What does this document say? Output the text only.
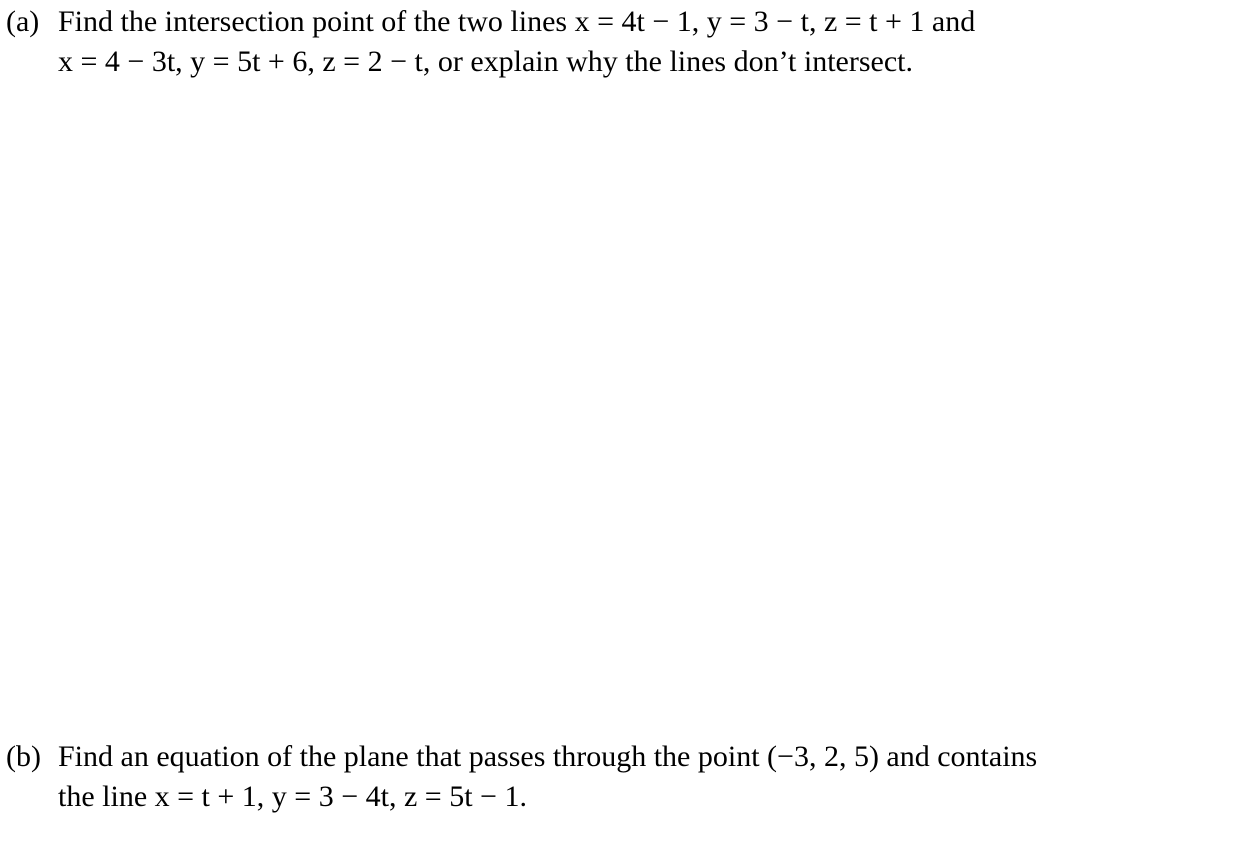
(a) Find the intersection point of the two lines x = 4t − 1, y = 3 − t, z = t + 1 and
x = 4 − 3t, y = 5t + 6, z = 2 − t, or explain why the lines don’t intersect.
(b) Find an equation of the plane that passes through the point (−3, 2, 5) and contains
the line x = t + 1, y = 3 − 4t, z = 5t − 1.
